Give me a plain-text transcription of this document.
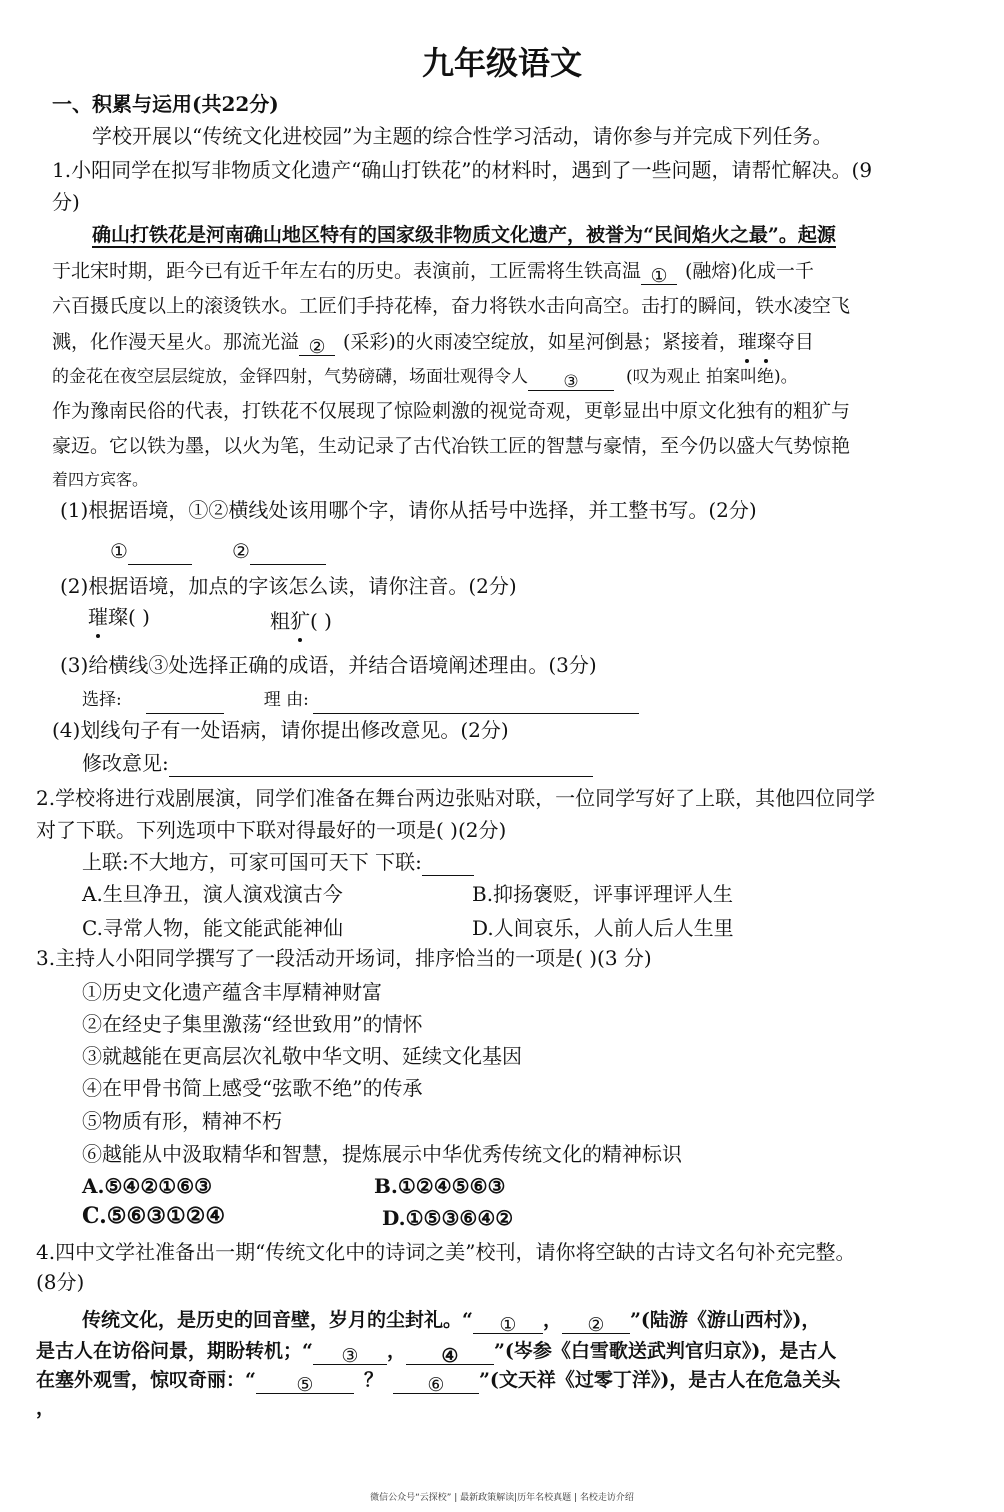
九年级语文
一、积累与运用(共22分)
学校开展以“传统文化进校园”为主题的综合性学习活动，请你参与并完成下列任务。
1.小阳同学在拟写非物质文化遗产“确山打铁花”的材料时，遇到了一些问题，请帮忙解决。(9
分)
确山打铁花是河南确山地区特有的国家级非物质文化遗产，被誉为“民间焰火之最”。起源
于北宋时期，距今已有近千年左右的历史。表演前，工匠需将生铁高温 ① (融熔)化成一千
六百摄氏度以上的滚烫铁水。工匠们手持花棒，奋力将铁水击向高空。击打的瞬间，铁水凌空飞
溅，化作漫天星火。那流光溢 ② (采彩)的火雨凌空绽放，如星河倒悬；紧接着，璀璨夺目
的金花在夜空层层绽放，金铎四射，气势磅礴，场面壮观得令人 ③	(叹为观止 拍案叫绝)。
作为豫南民俗的代表，打铁花不仅展现了惊险刺激的视觉奇观，更彰显出中原文化独有的粗犷与
豪迈。它以铁为墨，以火为笔，生动记录了古代冶铁工匠的智慧与豪情，至今仍以盛大气势惊艳
着四方宾客。
(1)根据语境，①②横线处该用哪个字，请你从括号中选择，并工整书写。(2分)
①	②
(2)根据语境，加点的字该怎么读，请你注音。(2分)
璀璨( )	粗犷( )
(3)给横线③处选择正确的成语，并结合语境阐述理由。(3分)
选择:	理 由:
(4)划线句子有一处语病，请你提出修改意见。(2分)
修改意见:
2.学校将进行戏剧展演，同学们准备在舞台两边张贴对联，一位同学写好了上联，其他四位同学
对了下联。下列选项中下联对得最好的一项是( )(2分)
上联:不大地方，可家可国可天下 下联:
A.生旦净丑，演人演戏演古今	B.抑扬褒贬，评事评理评人生
C.寻常人物，能文能武能神仙	D.人间哀乐，人前人后人生里
3.主持人小阳同学撰写了一段活动开场词，排序恰当的一项是( )(3 分)
①历史文化遗产蕴含丰厚精神财富
②在经史子集里激荡“经世致用”的情怀
③就越能在更高层次礼敬中华文明、延续文化基因
④在甲骨书简上感受“弦歌不绝”的传承
⑤物质有形，精神不朽
⑥越能从中汲取精华和智慧，提炼展示中华优秀传统文化的精神标识
A.⑤④②①⑥③	B.①②④⑤⑥③
C.⑤⑥③①②④	D.①⑤③⑥④②
4.四中文学社准备出一期“传统文化中的诗词之美”校刊，请你将空缺的古诗文名句补充完整。
(8分)
传统文化，是历史的回音壁，岁月的尘封礼。“ ① ， ② ”(陆游《游山西村》)，
是古人在访俗问景，期盼转机；“ ③ ， ④ ”(岑参《白雪歌送武判官归京》)，是古人
在塞外观雪，惊叹奇丽：“ ⑤	？ ⑥ ”(文天祥《过零丁洋》)，是古人在危急关头
，
微信公众号“云探校” | 最新政策解读|历年名校真题 | 名校走访介绍
